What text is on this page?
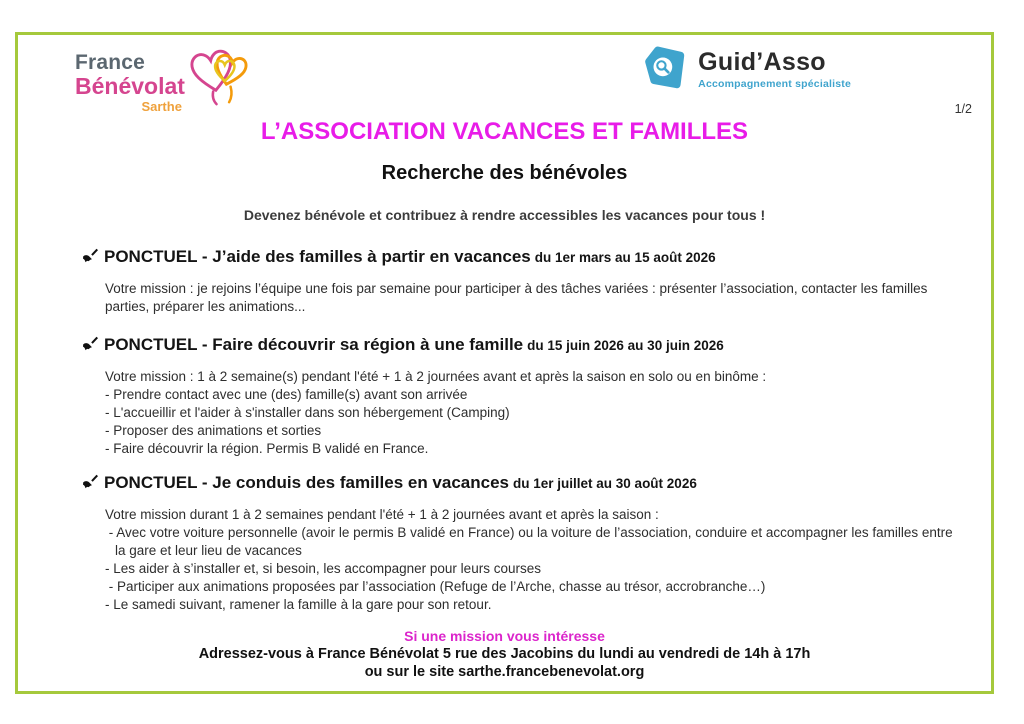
France
Bénévolat
Sarthe
Guid’Asso
Accompagnement spécialiste
1/2
L’ASSOCIATION VACANCES ET FAMILLES
Recherche des bénévoles
Devenez bénévole et contribuez à rendre accessibles les vacances pour tous !
PONCTUEL - J’aide des familles à partir en vacances du 1er mars au 15 août 2026
Votre mission : je rejoins l’équipe une fois par semaine pour participer à des tâches variées : présenter l’association, contacter les familles parties, préparer les animations...
PONCTUEL - Faire découvrir sa région à une famille du 15 juin 2026 au 30 juin 2026
Votre mission : 1 à 2 semaine(s) pendant l'été + 1 à 2 journées avant et après la saison en solo ou en binôme :
- Prendre contact avec une (des) famille(s) avant son arrivée
- L'accueillir et l'aider à s'installer dans son hébergement (Camping)
- Proposer des animations et sorties
- Faire découvrir la région. Permis B validé en France.
PONCTUEL - Je conduis des familles en vacances du 1er juillet au 30 août 2026
Votre mission durant 1 à 2 semaines pendant l'été + 1 à 2 journées avant et après la saison :
- Avec votre voiture personnelle (avoir le permis B validé en France) ou la voiture de l’association, conduire et accompagner les familles entre la gare et leur lieu de vacances
- Les aider à s’installer et, si besoin, les accompagner pour leurs courses
- Participer aux animations proposées par l’association (Refuge de l’Arche, chasse au trésor, accrobranche…)
- Le samedi suivant, ramener la famille à la gare pour son retour.
Si une mission vous intéresse
Adressez-vous à France Bénévolat 5 rue des Jacobins du lundi au vendredi de 14h à 17h
ou sur le site sarthe.francebenevolat.org
